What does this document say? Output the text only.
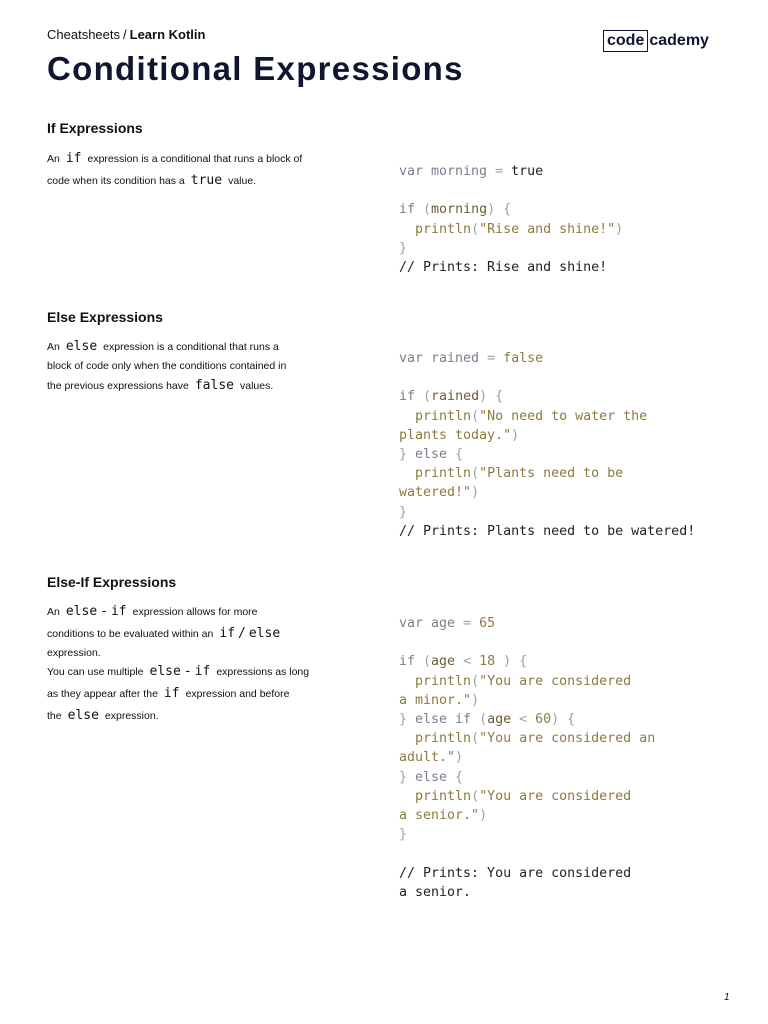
Cheatsheets / Learn Kotlin	code cademy
Conditional Expressions
If Expressions
An if expression is a conditional that runs a block of
code when its condition has a true value.
var morning = true

if (morning) {
println("Rise and shine!")
}
// Prints: Rise and shine!
Else Expressions
An else expression is a conditional that runs a
block of code only when the conditions contained in
the previous expressions have false values.
var rained = false

if (rained) {
println("No need to water the
plants today.")
} else {
println("Plants need to be
watered!")
}
// Prints: Plants need to be watered!
Else-If Expressions
An else - if expression allows for more
conditions to be evaluated within an if / else
expression.
You can use multiple else - if expressions as long
as they appear after the if expression and before
the else expression.
var age = 65

if (age < 18 ) {
println("You are considered
a minor.")
} else if (age < 60) {
println("You are considered an
adult.")
} else {
println("You are considered
a senior.")
}

// Prints: You are considered
a senior.
1
